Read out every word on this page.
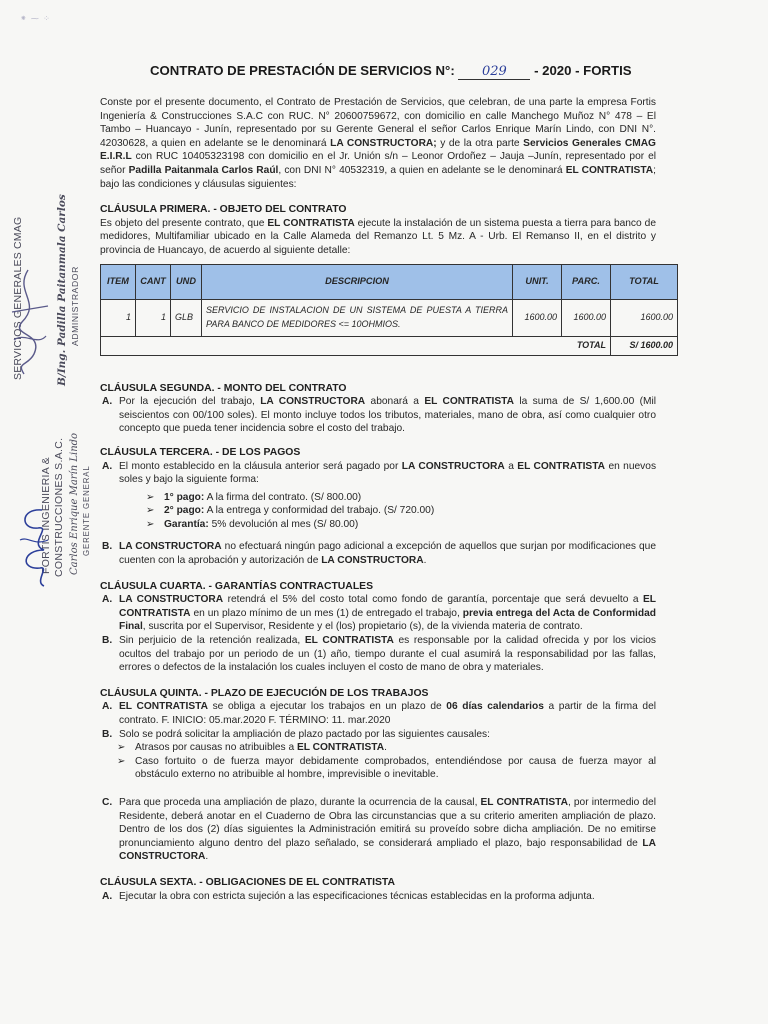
⁕ ⁓ ⁘
SERVICIOS GENERALES CMAG	B/Ing. Padilla Paitanmala Carlos ADMINISTRADOR
FORTIS INGENIERIA & CONSTRUCCIONES S.A.C. Carlos Enrique Marín Lindo GERENTE GENERAL
CONTRATO DE PRESTACIÓN DE SERVICIOS N°: 029 - 2020 - FORTIS

Conste por el presente documento, el Contrato de Prestación de Servicios, que celebran, de una parte la empresa Fortis Ingeniería & Construcciones S.A.C con RUC. N° 20600759672, con domicilio en calle Manchego Muñoz N° 478 – El Tambo – Huancayo - Junín, representado por su Gerente General el señor Carlos Enrique Marín Lindo, con DNI N°. 42030628, a quien en adelante se le denominará LA CONSTRUCTORA; y de la otra parte Servicios Generales CMAG E.I.R.L con RUC 10405323198 con domicilio en el Jr. Unión s/n – Leonor Ordoñez – Jauja –Junín, representado por el señor Padilla Paitanmala Carlos Raúl, con DNI N° 40532319, a quien en adelante se le denominará EL CONTRATISTA; bajo las condiciones y cláusulas siguientes:

CLÁUSULA PRIMERA. - OBJETO DEL CONTRATO

Es objeto del presente contrato, que EL CONTRATISTA ejecute la instalación de un sistema puesta a tierra para banco de medidores, Multifamiliar ubicado en la Calle Alameda del Remanzo Lt. 5 Mz. A - Urb. El Remanso II, en el distrito y provincia de Huancayo, de acuerdo al siguiente detalle:

ITEM	CANT	UND	DESCRIPCION	UNIT.	PARC.	TOTAL
1	1	GLB	SERVICIO DE INSTALACION DE UN SISTEMA DE PUESTA A TIERRA PARA BANCO DE MEDIDORES <= 10OHMIOS.	1600.00	1600.00	1600.00
TOTAL						S/ 1600.00

CLÁUSULA SEGUNDA. - MONTO DEL CONTRATO

A. Por la ejecución del trabajo, LA CONSTRUCTORA abonará a EL CONTRATISTA la suma de S/ 1,600.00 (Mil seiscientos con 00/100 soles). El monto incluye todos los tributos, materiales, mano de obra, así como cualquier otro concepto que pueda tener incidencia sobre el costo del trabajo.

CLÁUSULA TERCERA. - DE LOS PAGOS

A. El monto establecido en la cláusula anterior será pagado por LA CONSTRUCTORA a EL CONTRATISTA en nuevos soles y bajo la siguiente forma:
➢ 1° pago: A la firma del contrato. (S/ 800.00)
➢ 2° pago: A la entrega y conformidad del trabajo. (S/ 720.00)
➢ Garantía: 5% devolución al mes (S/ 80.00)
B. LA CONSTRUCTORA no efectuará ningún pago adicional a excepción de aquellos que surjan por modificaciones que cuenten con la aprobación y autorización de LA CONSTRUCTORA.

CLÁUSULA CUARTA. - GARANTÍAS CONTRACTUALES

A. LA CONSTRUCTORA retendrá el 5% del costo total como fondo de garantía, porcentaje que será devuelto a EL CONTRATISTA en un plazo mínimo de un mes (1) de entregado el trabajo, previa entrega del Acta de Conformidad Final, suscrita por el Supervisor, Residente y el (los) propietario (s), de la vivienda materia de contrato.
B. Sin perjuicio de la retención realizada, EL CONTRATISTA es responsable por la calidad ofrecida y por los vicios ocultos del trabajo por un periodo de un (1) año, tiempo durante el cual asumirá la responsabilidad por las fallas, errores o defectos de la instalación los cuales incluyen el costo de mano de obra y materiales.

CLÁUSULA QUINTA. - PLAZO DE EJECUCIÓN DE LOS TRABAJOS

A. EL CONTRATISTA se obliga a ejecutar los trabajos en un plazo de 06 días calendarios a partir de la firma del contrato. F. INICIO: 05.mar.2020 F. TÉRMINO: 11. mar.2020
B. Solo se podrá solicitar la ampliación de plazo pactado por las siguientes causales:
➢ Atrasos por causas no atribuibles a EL CONTRATISTA.
➢ Caso fortuito o de fuerza mayor debidamente comprobados, entendiéndose por causa de fuerza mayor al obstáculo externo no atribuible al hombre, imprevisible o inevitable.
C. Para que proceda una ampliación de plazo, durante la ocurrencia de la causal, EL CONTRATISTA, por intermedio del Residente, deberá anotar en el Cuaderno de Obra las circunstancias que a su criterio ameriten ampliación de plazo. Dentro de los dos (2) días siguientes la Administración emitirá su proveído sobre dicha ampliación. De no emitirse pronunciamiento alguno dentro del plazo señalado, se considerará ampliado el plazo, bajo responsabilidad de LA CONSTRUCTORA.

CLÁUSULA SEXTA. - OBLIGACIONES DE EL CONTRATISTA

A. Ejecutar la obra con estricta sujeción a las especificaciones técnicas establecidas en la proforma adjunta.
